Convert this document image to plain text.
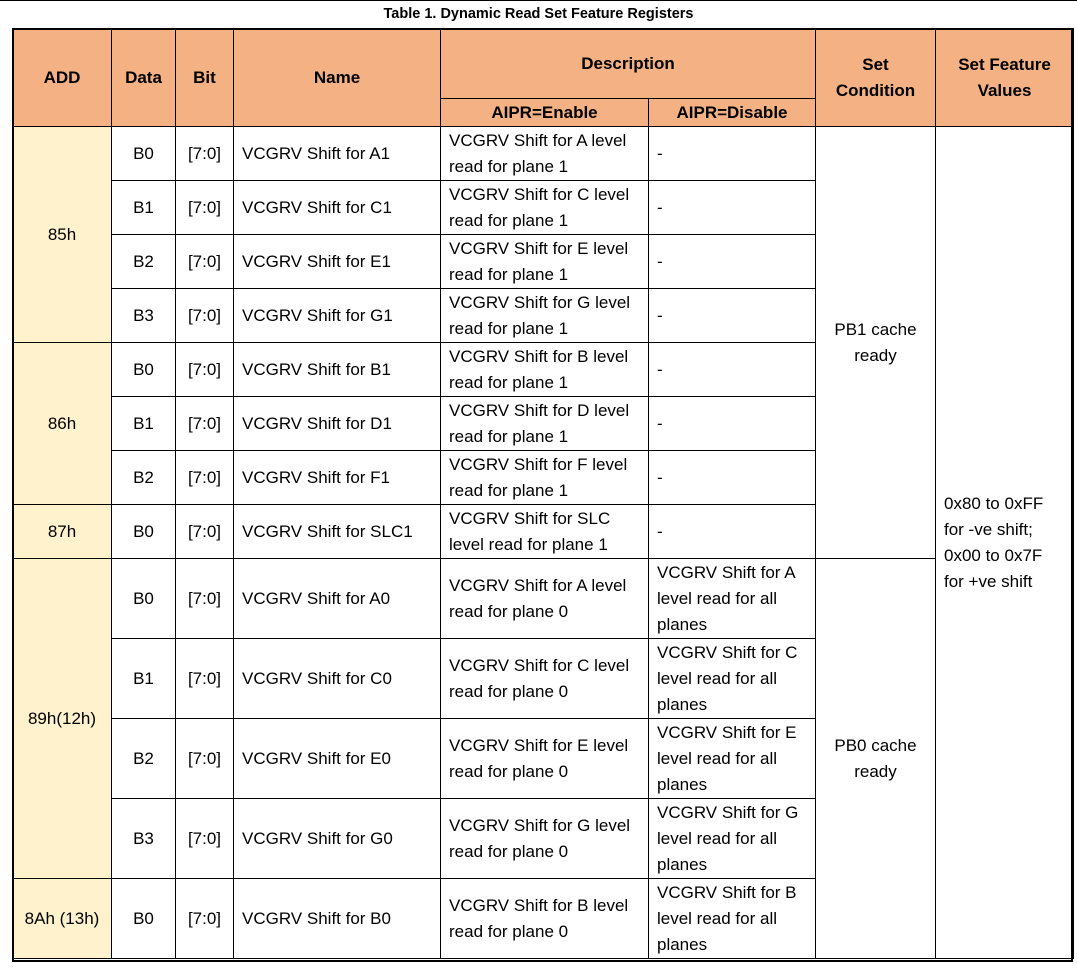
Table 1. Dynamic Read Set Feature Registers
ADD	Data	Bit	Name	Description		Set Condition	Set Feature Values
				AIPR=Enable	AIPR=Disable		
85h	B0	[7:0]	VCGRV Shift for A1	VCGRV Shift for A level read for plane 1	-	PB1 cache ready	0x80 to 0xFF for -ve shift; 0x00 to 0x7F for +ve shift
	B1	[7:0]	VCGRV Shift for C1	VCGRV Shift for C level read for plane 1	-		
	B2	[7:0]	VCGRV Shift for E1	VCGRV Shift for E level read for plane 1	-		
	B3	[7:0]	VCGRV Shift for G1	VCGRV Shift for G level read for plane 1	-		
86h	B0	[7:0]	VCGRV Shift for B1	VCGRV Shift for B level read for plane 1	-		
	B1	[7:0]	VCGRV Shift for D1	VCGRV Shift for D level read for plane 1	-		
	B2	[7:0]	VCGRV Shift for F1	VCGRV Shift for F level read for plane 1	-		
87h	B0	[7:0]	VCGRV Shift for SLC1	VCGRV Shift for SLC level read for plane 1	-		
89h(12h)	B0	[7:0]	VCGRV Shift for A0	VCGRV Shift for A level read for plane 0	VCGRV Shift for A level read for all planes	PB0 cache ready	
	B1	[7:0]	VCGRV Shift for C0	VCGRV Shift for C level read for plane 0	VCGRV Shift for C level read for all planes		
	B2	[7:0]	VCGRV Shift for E0	VCGRV Shift for E level read for plane 0	VCGRV Shift for E level read for all planes		
	B3	[7:0]	VCGRV Shift for G0	VCGRV Shift for G level read for plane 0	VCGRV Shift for G level read for all planes		
8Ah (13h)	B0	[7:0]	VCGRV Shift for B0	VCGRV Shift for B level read for plane 0	VCGRV Shift for B level read for all planes		
